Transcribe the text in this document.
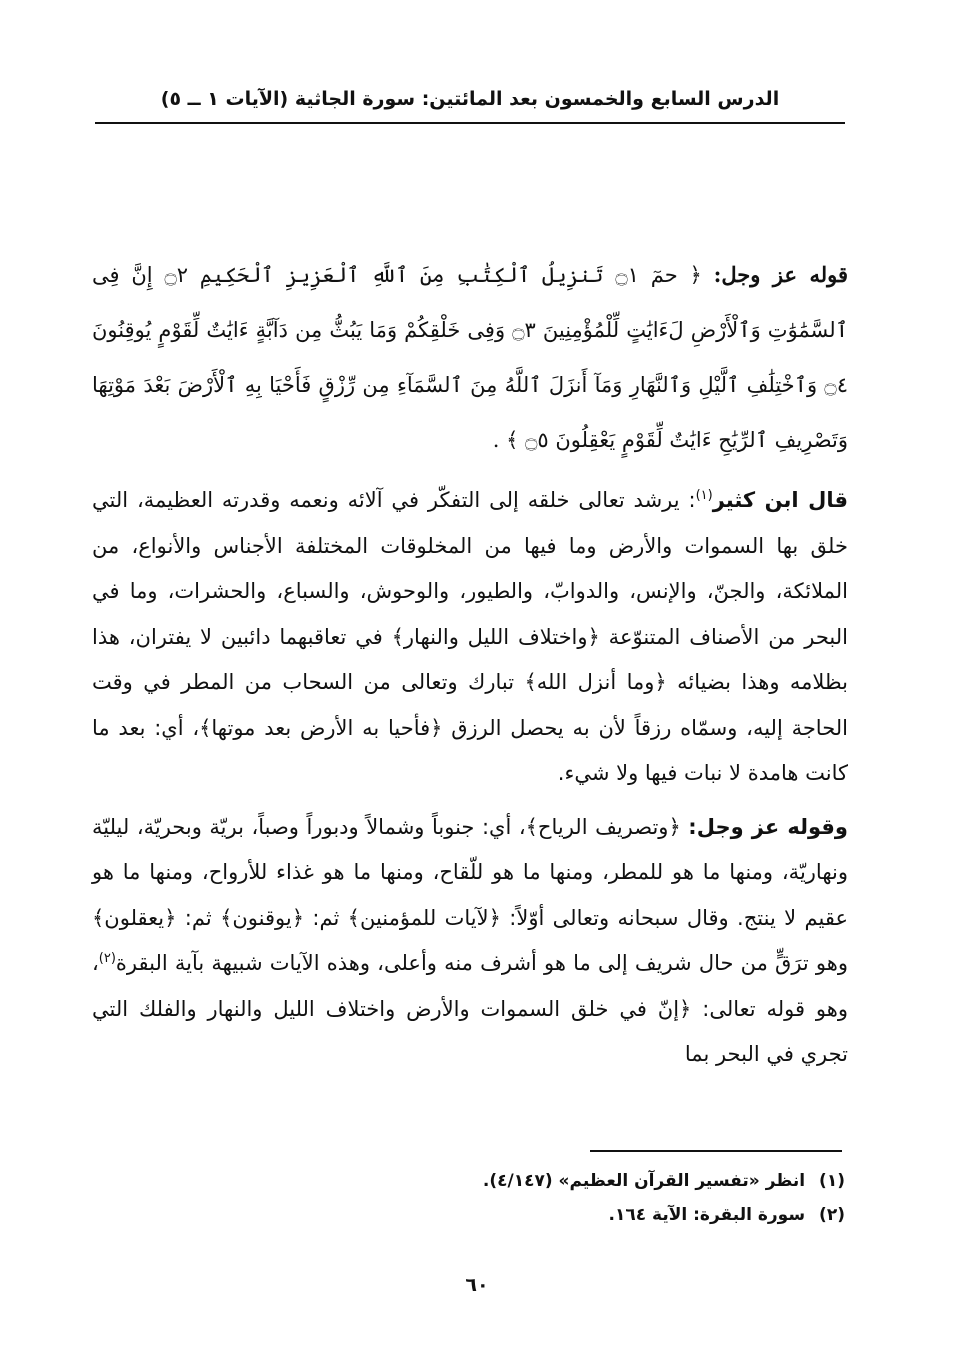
الدرس السابع والخمسون بعد المائتين: سورة الجاثية (الآيات ١ ــ ٥)

قوله عز وجل: ﴿ حمٓ ۝١ تَنزِيلُ ٱلْكِتَٰبِ مِنَ ٱللَّهِ ٱلْعَزِيزِ ٱلْحَكِيمِ ۝٢ إِنَّ فِى ٱلسَّمَٰوَٰتِ وَٱلْأَرْضِ لَءَايَٰتٍ لِّلْمُؤْمِنِينَ ۝٣ وَفِى خَلْقِكُمْ وَمَا يَبُثُّ مِن دَآبَّةٍ ءَايَٰتٌ لِّقَوْمٍ يُوقِنُونَ ۝٤ وَٱخْتِلَٰفِ ٱلَّيْلِ وَٱلنَّهَارِ وَمَآ أَنزَلَ ٱللَّهُ مِنَ ٱلسَّمَآءِ مِن رِّزْقٍ فَأَحْيَا بِهِ ٱلْأَرْضَ بَعْدَ مَوْتِهَا وَتَصْرِيفِ ٱلرِّيَٰحِ ءَايَٰتٌ لِّقَوْمٍ يَعْقِلُونَ ۝٥ ﴾ .

قال ابن كثير$^{(١)}$: يرشد تعالى خلقه إلى التفكّر في آلائه ونعمه وقدرته العظيمة، التي خلق بها السموات والأرض وما فيها من المخلوقات المختلفة الأجناس والأنواع، من الملائكة، والجنّ، والإنس، والدوابّ، والطيور، والوحوش، والسباع، والحشرات، وما في البحر من الأصناف المتنوّعة ﴿واختلاف الليل والنهار﴾ في تعاقبهما دائبين لا يفتران، هذا بظلامه وهذا بضيائه ﴿وما أنزل الله﴾ تبارك وتعالى من السحاب من المطر في وقت الحاجة إليه، وسمّاه رزقاً لأن به يحصل الرزق ﴿فأحيا به الأرض بعد موتها﴾، أي: بعد ما كانت هامدة لا نبات فيها ولا شيء.

وقوله عز وجل: ﴿وتصريف الرياح﴾، أي: جنوباً وشمالاً ودبوراً وصباً، بريّة وبحريّة، ليليّة ونهاريّة، ومنها ما هو للمطر، ومنها ما هو للّقاح، ومنها ما هو غذاء للأرواح، ومنها ما هو عقيم لا ينتج. وقال سبحانه وتعالى أوّلاً: ﴿لآيات للمؤمنين﴾ ثم: ﴿يوقنون﴾ ثم: ﴿يعقلون﴾ وهو ترَقٍّ من حال شريف إلى ما هو أشرف منه وأعلى، وهذه الآيات شبيهة بآية البقرة$^{(٢)}$، وهو قوله تعالى: ﴿إنّ في خلق السموات والأرض واختلاف الليل والنهار والفلك التي تجري في البحر بما

(١)انظر «تفسير القرآن العظيم» (٤/١٤٧).

(٢)سورة البقرة: الآية ١٦٤.

٦٠
